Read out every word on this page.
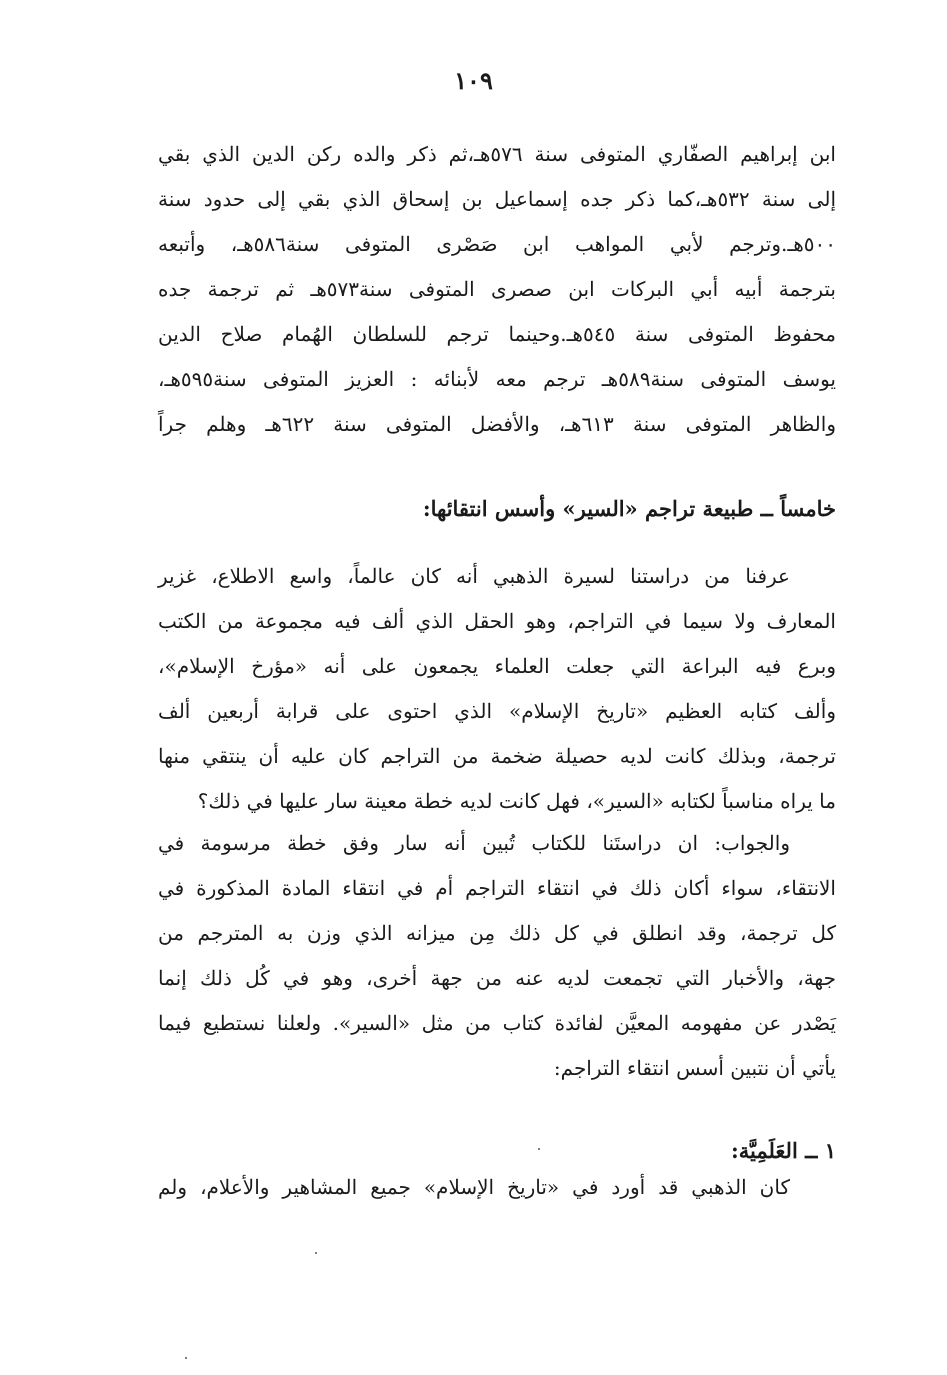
١٠٩
ابن إبراهيم الصفّاري المتوفى سنة ٥٧٦هـ،ثم ذكر والده ركن الدين الذي بقي
إلى سنة ٥٣٢هـ،كما ذكر جده إسماعيل بن إسحاق الذي بقي إلى حدود سنة
٥٠٠هـ.وترجم لأبي المواهب ابن صَصْرى المتوفى سنة٥٨٦هـ، وأتبعه
بترجمة أبيه أبي البركات ابن صصرى المتوفى سنة٥٧٣هـ ثم ترجمة جده
محفوظ المتوفى سنة ٥٤٥هـ.وحينما ترجم للسلطان الهُمام صلاح الدين
يوسف المتوفى سنة٥٨٩هـ ترجم معه لأبنائه : العزيز المتوفى سنة٥٩٥هـ،
والظاهر المتوفى سنة ٦١٣هـ، والأفضل المتوفى سنة ٦٢٢هـ وهلم جراً
خامساً ــ طبيعة تراجم «السير» وأسس انتقائها:
عرفنا من دراستنا لسيرة الذهبي أنه كان عالماً، واسع الاطلاع، غزير
المعارف ولا سيما في التراجم، وهو الحقل الذي ألف فيه مجموعة من الكتب
وبرع فيه البراعة التي جعلت العلماء يجمعون على أنه «مؤرخ الإسلام»،
وألف كتابه العظيم «تاريخ الإسلام» الذي احتوى على قرابة أربعين ألف
ترجمة، وبذلك كانت لديه حصيلة ضخمة من التراجم كان عليه أن ينتقي منها
ما يراه مناسباً لكتابه «السير»، فهل كانت لديه خطة معينة سار عليها في ذلك؟
والجواب: ان دراستَنا للكتاب تُبين أنه سار وفق خطة مرسومة في
الانتقاء، سواء أكان ذلك في انتقاء التراجم أم في انتقاء المادة المذكورة في
كل ترجمة، وقد انطلق في كل ذلك مِن ميزانه الذي وزن به المترجم من
جهة، والأخبار التي تجمعت لديه عنه من جهة أخرى، وهو في كُل ذلك إنما
يَصْدر عن مفهومه المعيَّن لفائدة كتاب من مثل «السير». ولعلنا نستطيع فيما
يأتي أن نتبين أسس انتقاء التراجم:
١ ــ العَلَمِيَّة:
كان الذهبي قد أورد في «تاريخ الإسلام» جميع المشاهير والأعلام، ولم
